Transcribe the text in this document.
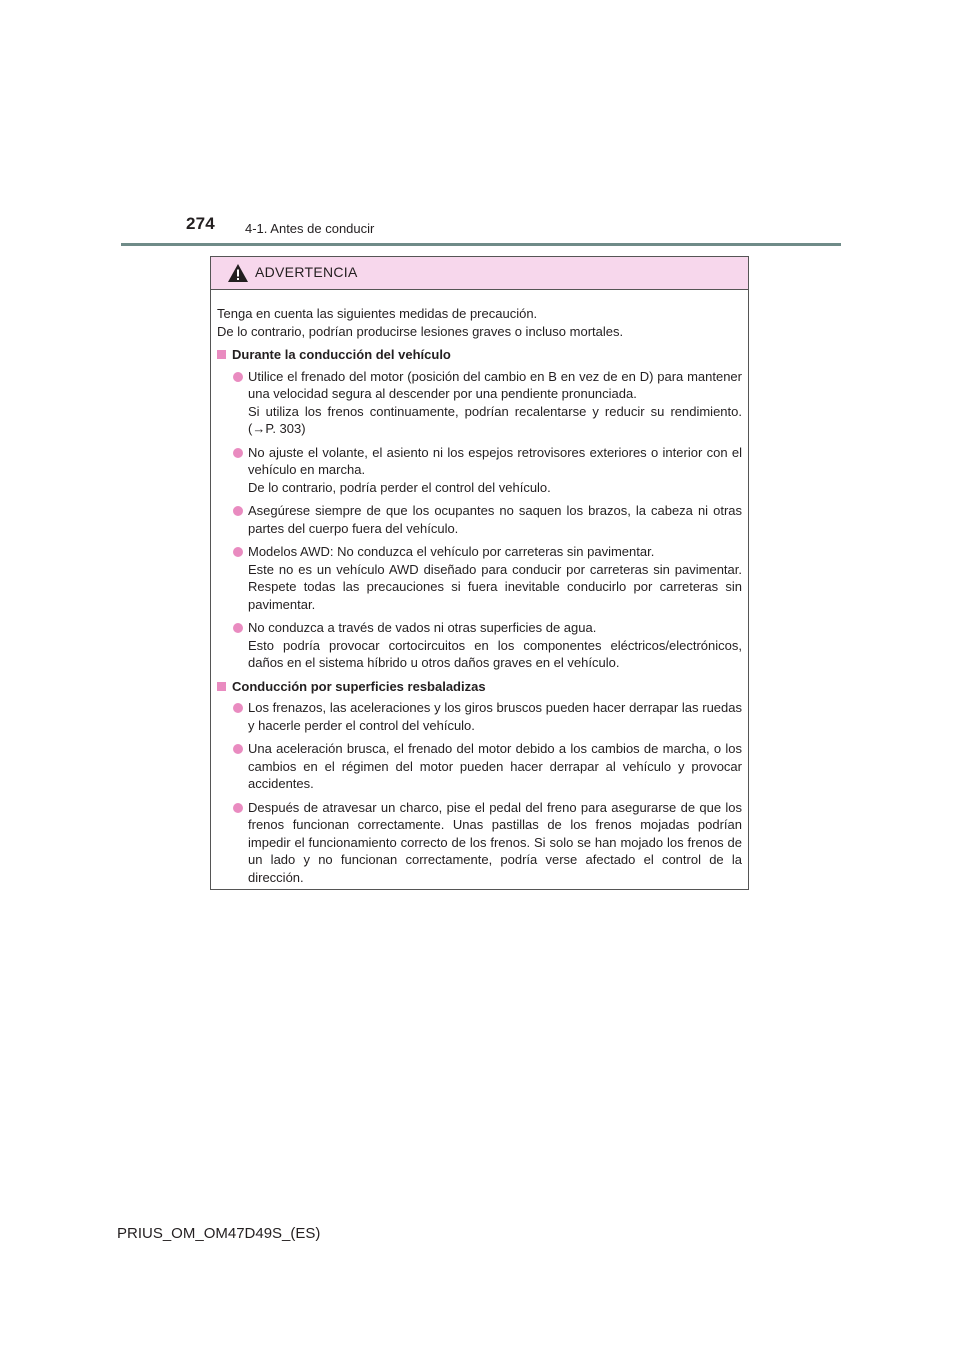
274 4-1. Antes de conducir
ADVERTENCIA

Tenga en cuenta las siguientes medidas de precaución.

De lo contrario, podrían producirse lesiones graves o incluso mortales.

Durante la conducción del vehículo

Utilice el frenado del motor (posición del cambio en B en vez de en D) para mantener una velocidad segura al descender por una pendiente pronunciada.

Si utiliza los frenos continuamente, podrían recalentarse y reducir su rendimiento. (→P. 303)

No ajuste el volante, el asiento ni los espejos retrovisores exteriores o interior con el vehículo en marcha.

De lo contrario, podría perder el control del vehículo.

Asegúrese siempre de que los ocupantes no saquen los brazos, la cabeza ni otras partes del cuerpo fuera del vehículo.

Modelos AWD: No conduzca el vehículo por carreteras sin pavimentar.

Este no es un vehículo AWD diseñado para conducir por carreteras sin pavimentar. Respete todas las precauciones si fuera inevitable conducirlo por carreteras sin pavimentar.

No conduzca a través de vados ni otras superficies de agua.

Esto podría provocar cortocircuitos en los componentes eléctricos/electrónicos, daños en el sistema híbrido u otros daños graves en el vehículo.

Conducción por superficies resbaladizas

Los frenazos, las aceleraciones y los giros bruscos pueden hacer derrapar las ruedas y hacerle perder el control del vehículo.

Una aceleración brusca, el frenado del motor debido a los cambios de marcha, o los cambios en el régimen del motor pueden hacer derrapar al vehículo y provocar accidentes.

Después de atravesar un charco, pise el pedal del freno para asegurarse de que los frenos funcionan correctamente. Unas pastillas de los frenos mojadas podrían impedir el funcionamiento correcto de los frenos. Si solo se han mojado los frenos de un lado y no funcionan correctamente, podría verse afectado el control de la dirección.

PRIUS_OM_OM47D49S_(ES)
